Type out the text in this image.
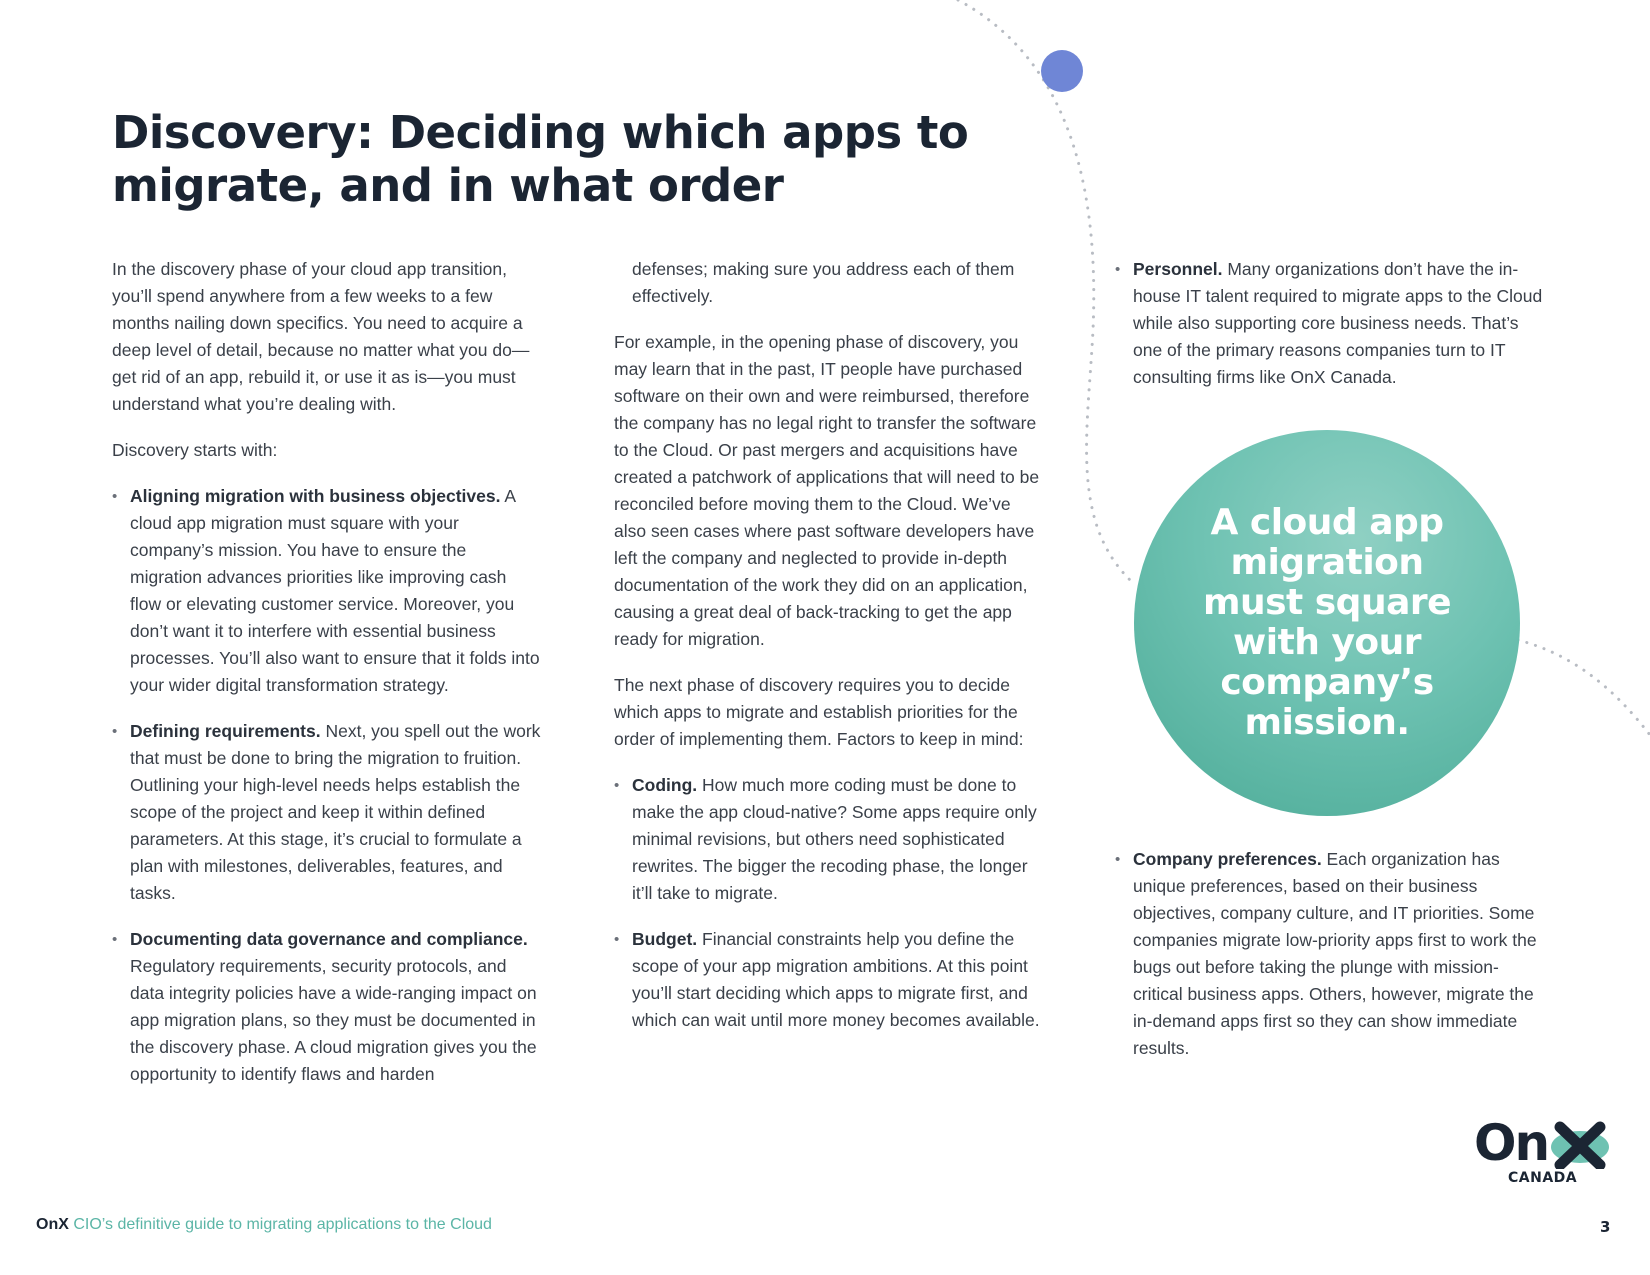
Discovery: Deciding which apps to migrate, and in what order

In the discovery phase of your cloud app transition, you’ll spend anywhere from a few weeks to a few months nailing down specifics. You need to acquire a deep level of detail, because no matter what you do—get rid of an app, rebuild it, or use it as is—you must understand what you’re dealing with.

Discovery starts with:

• Aligning migration with business objectives. A cloud app migration must square with your company’s mission. You have to ensure the migration advances priorities like improving cash flow or elevating customer service. Moreover, you don’t want it to interfere with essential business processes. You’ll also want to ensure that it folds into your wider digital transformation strategy.
• Defining requirements. Next, you spell out the work that must be done to bring the migration to fruition. Outlining your high-level needs helps establish the scope of the project and keep it within defined parameters. At this stage, it’s crucial to formulate a plan with milestones, deliverables, features, and tasks.
• Documenting data governance and compliance. Regulatory requirements, security protocols, and data integrity policies have a wide-ranging impact on app migration plans, so they must be documented in the discovery phase. A cloud migration gives you the opportunity to identify flaws and harden

defenses; making sure you address each of them effectively.

For example, in the opening phase of discovery, you may learn that in the past, IT people have purchased software on their own and were reimbursed, therefore the company has no legal right to transfer the software to the Cloud. Or past mergers and acquisitions have created a patchwork of applications that will need to be reconciled before moving them to the Cloud. We’ve also seen cases where past software developers have left the company and neglected to provide in-depth documentation of the work they did on an application, causing a great deal of back-tracking to get the app ready for migration.

The next phase of discovery requires you to decide which apps to migrate and establish priorities for the order of implementing them. Factors to keep in mind:

• Coding. How much more coding must be done to make the app cloud-native? Some apps require only minimal revisions, but others need sophisticated rewrites. The bigger the recoding phase, the longer it’ll take to migrate.
• Budget. Financial constraints help you define the scope of your app migration ambitions. At this point you’ll start deciding which apps to migrate first, and which can wait until more money becomes available.
• Personnel. Many organizations don’t have the in-house IT talent required to migrate apps to the Cloud while also supporting core business needs. That’s one of the primary reasons companies turn to IT consulting firms like OnX Canada.
• Company preferences. Each organization has unique preferences, based on their business objectives, company culture, and IT priorities. Some companies migrate low-priority apps first to work the bugs out before taking the plunge with mission-critical business apps. Others, however, migrate the in-demand apps first so they can show immediate results.
A cloud app migration must square with your company’s mission.
On
CANADA
OnX CIO’s definitive guide to migrating applications to the Cloud	3
